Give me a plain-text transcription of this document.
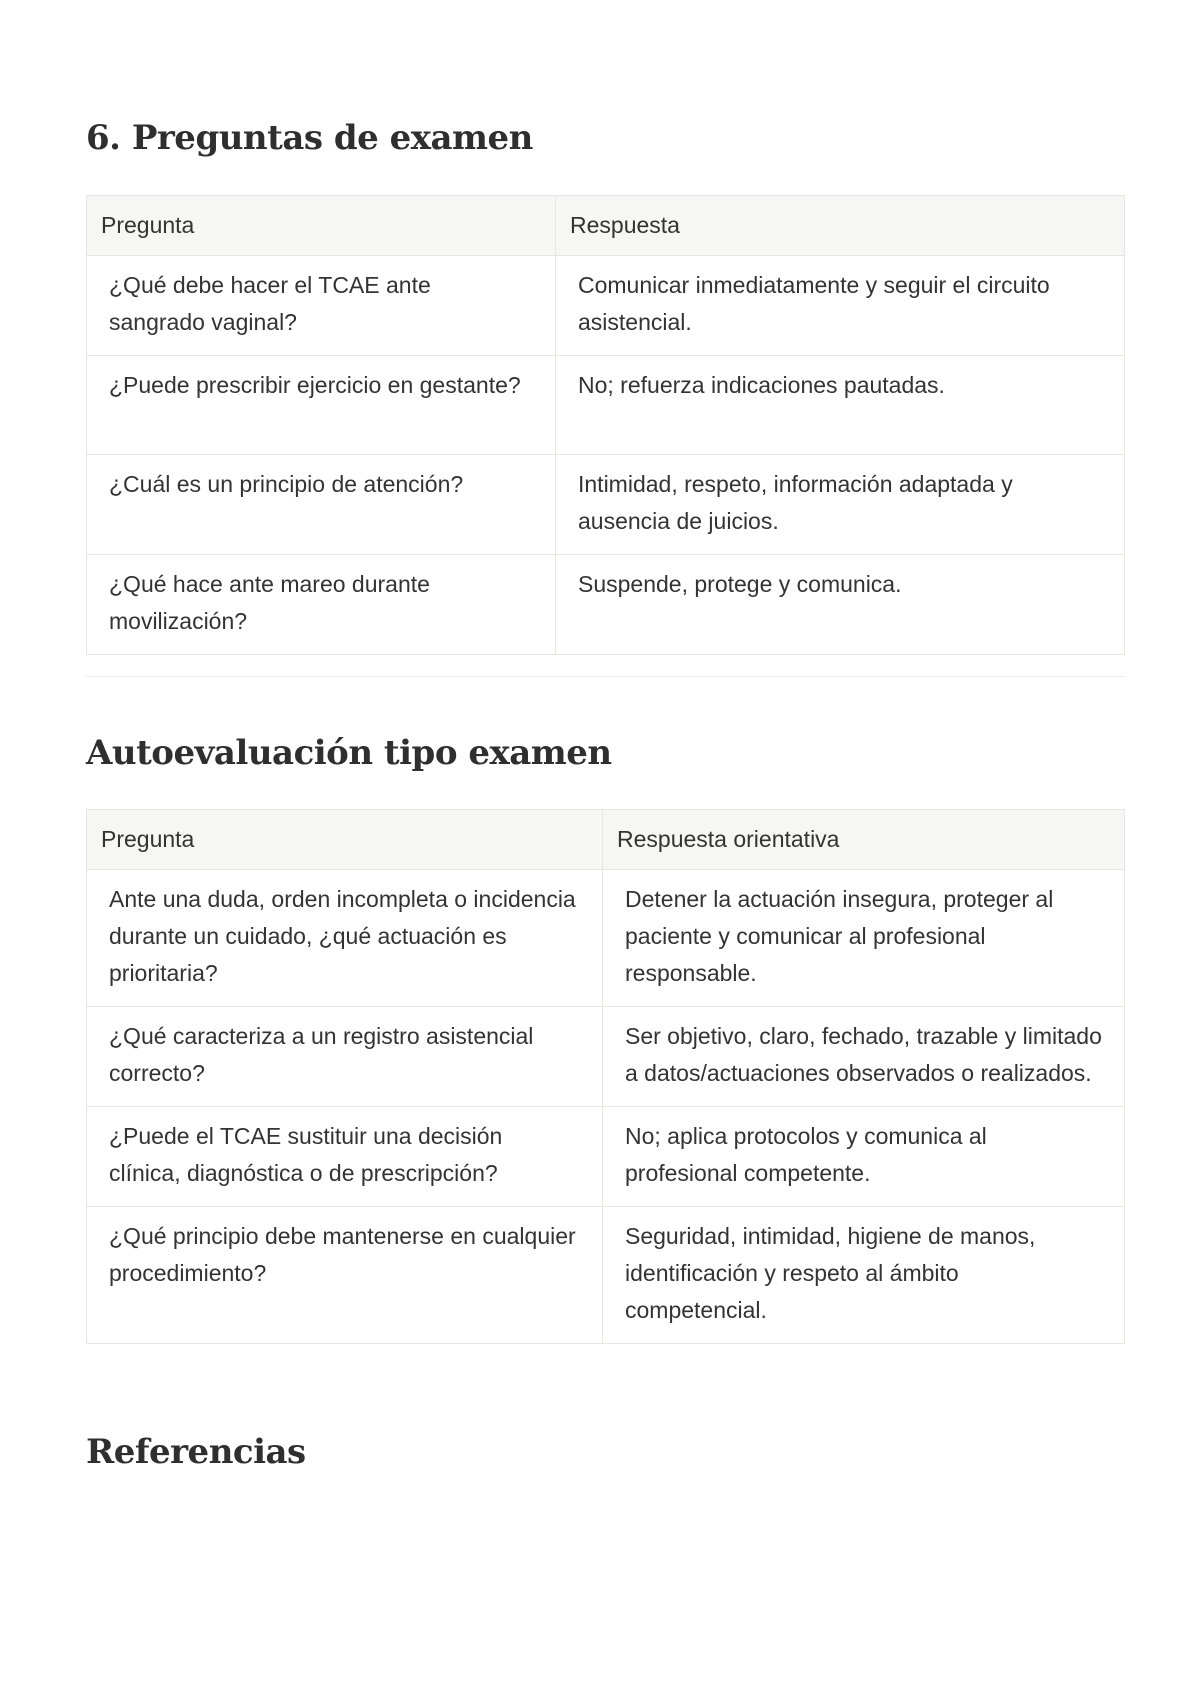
6. Preguntas de examen
Pregunta	Respuesta
¿Qué debe hacer el TCAE ante sangrado vaginal?	Comunicar inmediatamente y seguir el circuito asistencial.
¿Puede prescribir ejercicio en gestante?	No; refuerza indicaciones pautadas.
¿Cuál es un principio de atención?	Intimidad, respeto, información adaptada y ausencia de juicios.
¿Qué hace ante mareo durante movilización?	Suspende, protege y comunica.
Autoevaluación tipo examen
Pregunta	Respuesta orientativa
Ante una duda, orden incompleta o incidencia durante un cuidado, ¿qué actuación es prioritaria?	Detener la actuación insegura, proteger al paciente y comunicar al profesional responsable.
¿Qué caracteriza a un registro asistencial correcto?	Ser objetivo, claro, fechado, trazable y limitado a datos/actuaciones observados o realizados.
¿Puede el TCAE sustituir una decisión clínica, diagnóstica o de prescripción?	No; aplica protocolos y comunica al profesional competente.
¿Qué principio debe mantenerse en cualquier procedimiento?	Seguridad, intimidad, higiene de manos, identificación y respeto al ámbito competencial.
Referencias
